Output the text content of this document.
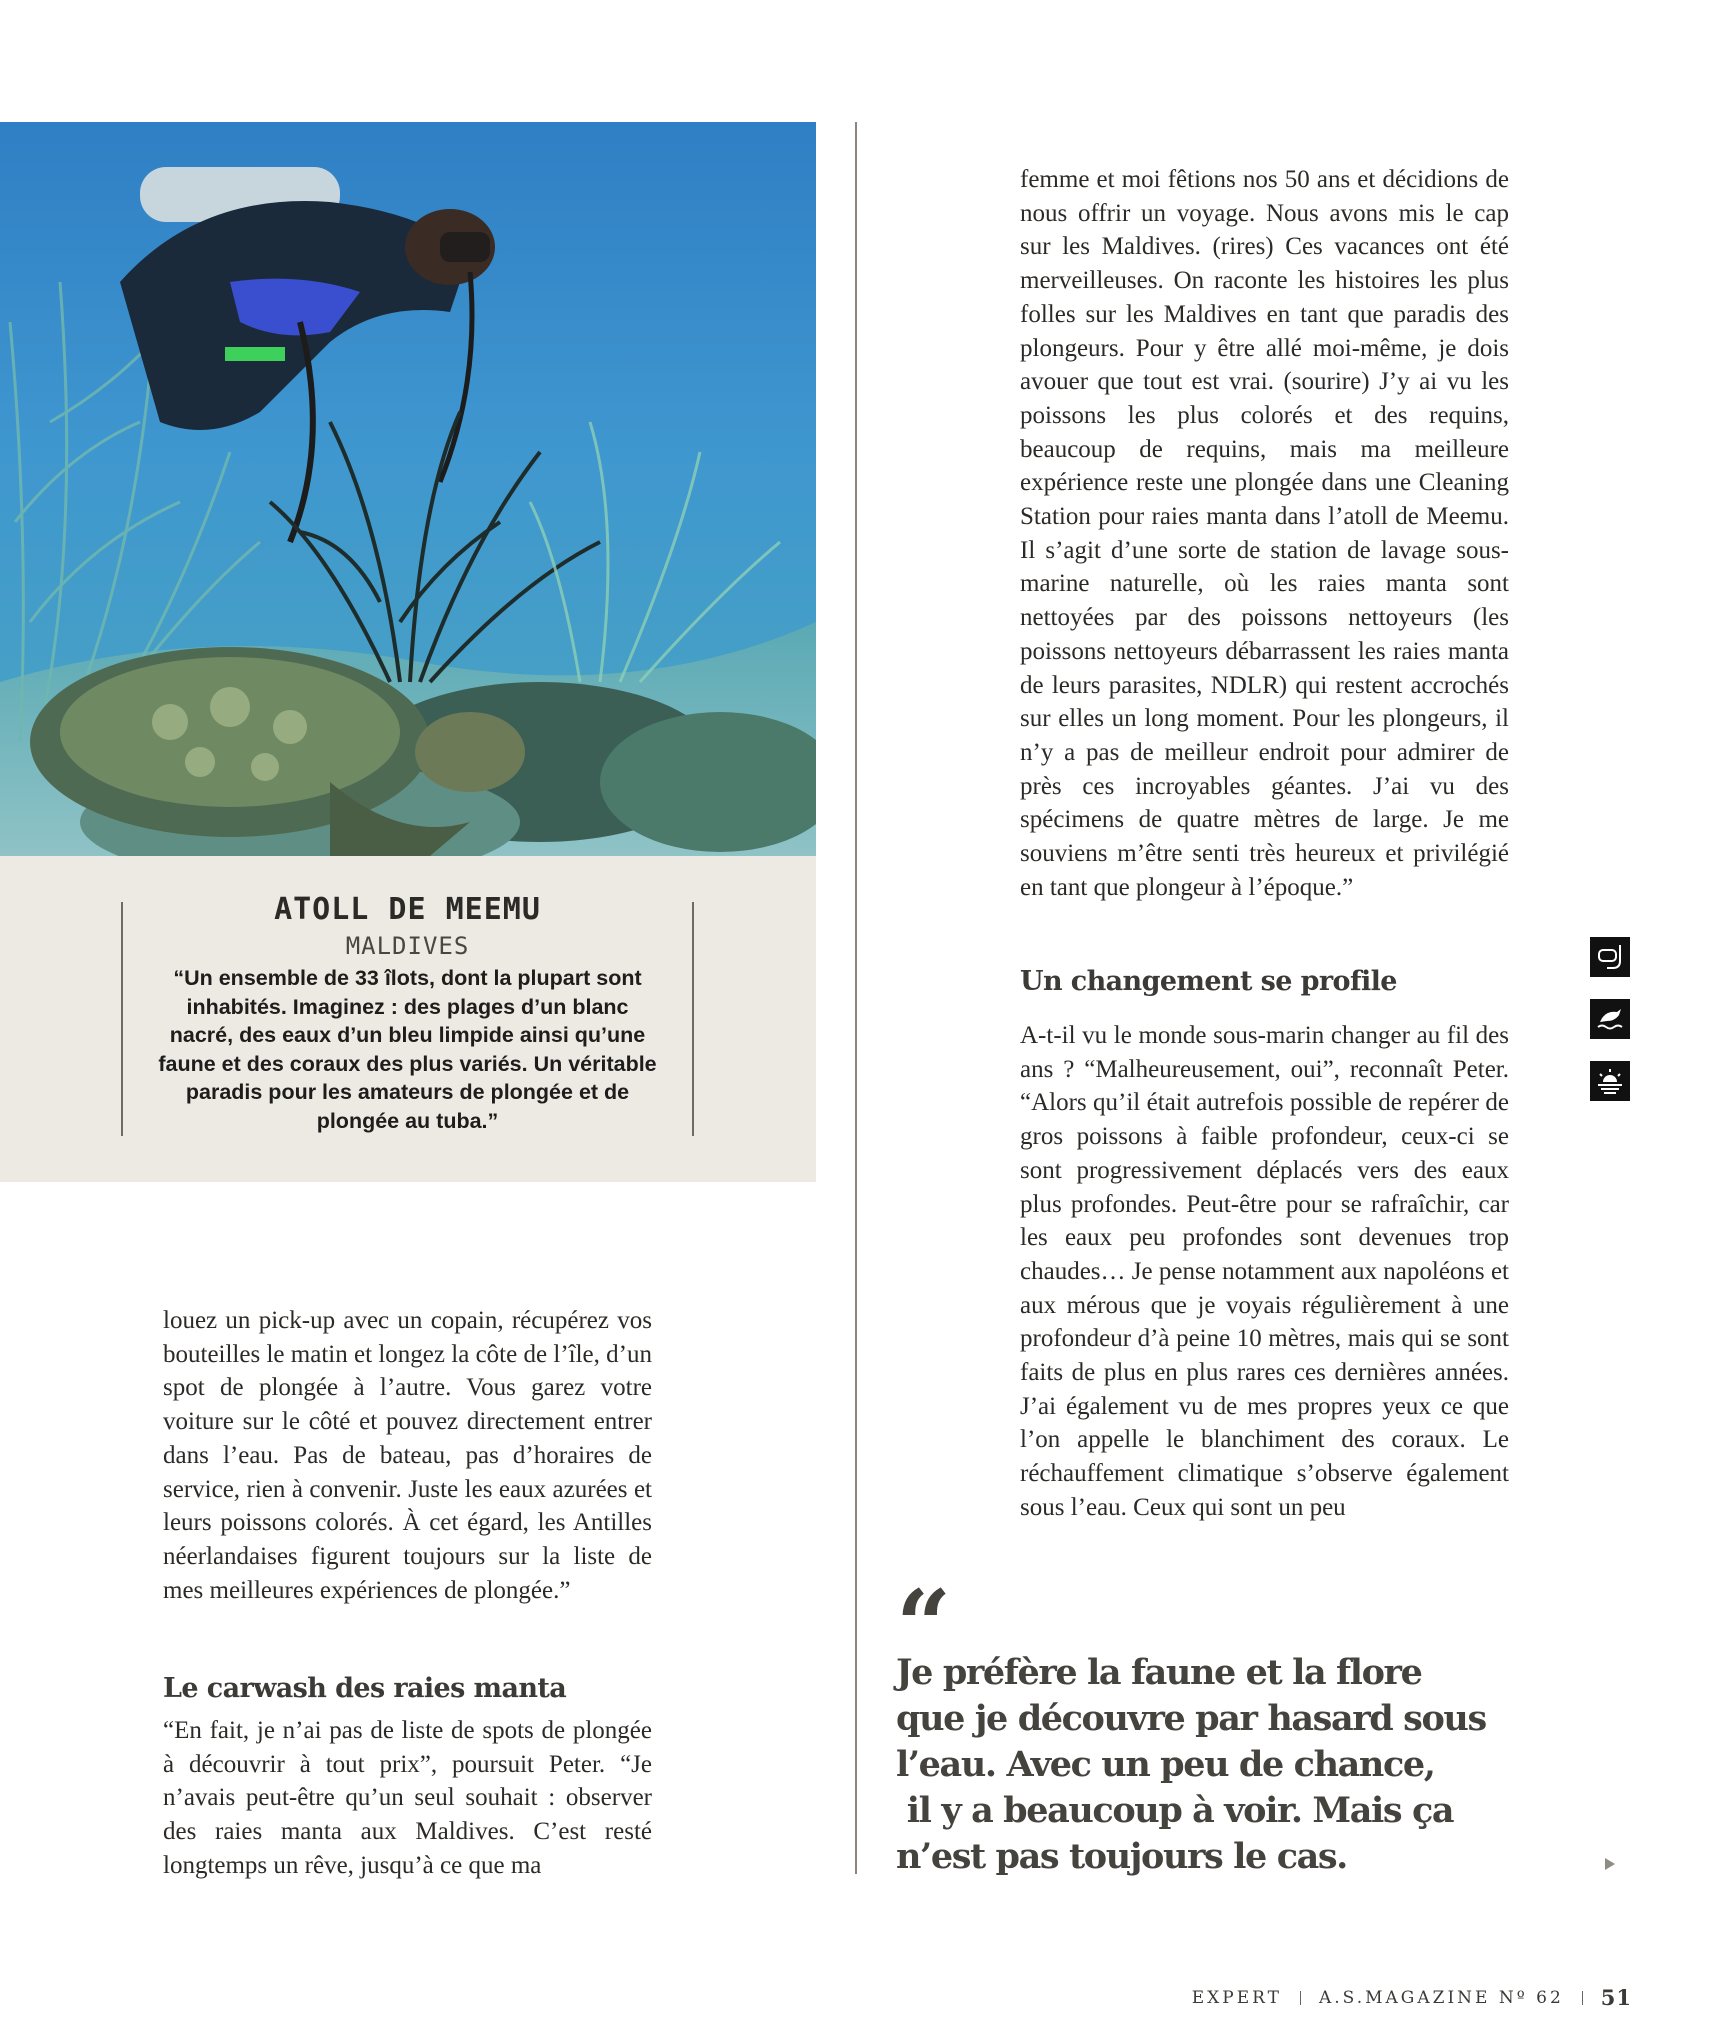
ATOLL DE MEEMU
MALDIVES
“Un ensemble de 33 îlots, dont la plupart sont
inhabités. Imaginez : des plages d’un blanc
nacré, des eaux d’un bleu limpide ainsi qu’une
faune et des coraux des plus variés. Un véritable
paradis pour les amateurs de plongée et de
plongée au tuba.”

louez un pick-up avec un copain, récupérez vos bouteilles le matin et longez la côte de l’île, d’un spot de plongée à l’autre. Vous garez votre voiture sur le côté et pouvez directement entrer dans l’eau. Pas de bateau, pas d’horaires de service, rien à convenir. Juste les eaux azurées et leurs poissons colorés. À cet égard, les Antilles néerlandaises figurent toujours sur la liste de mes meilleures expériences de plongée.”

Le carwash des raies manta

“En fait, je n’ai pas de liste de spots de plongée à découvrir à tout prix”, poursuit Peter. “Je n’avais peut-être qu’un seul souhait : observer des raies manta aux Maldives. C’est resté longtemps un rêve, jusqu’à ce que ma

femme et moi fêtions nos 50 ans et décidions de nous offrir un voyage. Nous avons mis le cap sur les Maldives. (rires) Ces vacances ont été merveilleuses. On raconte les histoires les plus folles sur les Maldives en tant que paradis des plongeurs. Pour y être allé moi-même, je dois avouer que tout est vrai. (sourire) J’y ai vu les poissons les plus colorés et des requins, beaucoup de requins, mais ma meilleure expérience reste une plongée dans une Cleaning Station pour raies manta dans l’atoll de Meemu. Il s’agit d’une sorte de station de lavage sous-marine naturelle, où les raies manta sont nettoyées par des poissons nettoyeurs (les poissons nettoyeurs débarrassent les raies manta de leurs parasites, NDLR) qui restent accrochés sur elles un long moment. Pour les plongeurs, il n’y a pas de meilleur endroit pour admirer de près ces incroyables géantes. J’ai vu des spécimens de quatre mètres de large. Je me souviens m’être senti très heureux et privilégié en tant que plongeur à l’époque.”

Un changement se profile

A-t-il vu le monde sous-marin changer au fil des ans ? “Malheureusement, oui”, reconnaît Peter. “Alors qu’il était autrefois possible de repérer de gros poissons à faible profondeur, ceux-ci se sont progressivement déplacés vers des eaux plus profondes. Peut-être pour se rafraîchir, car les eaux peu profondes sont devenues trop chaudes… Je pense notamment aux napoléons et aux mérous que je voyais régulièrement à une profondeur d’à peine 10 mètres, mais qui se sont faits de plus en plus rares ces dernières années. J’ai également vu de mes propres yeux ce que l’on appelle le blanchiment des coraux. Le réchauffement climatique s’observe également sous l’eau. Ceux qui sont un peu

“
Je préfère la faune et la flore
que je découvre par hasard sous
l’eau. Avec un peu de chance,
il y a beaucoup à voir. Mais ça
n’est pas toujours le cas.
EXPERT A.S.MAGAZINE Nº 62 51
